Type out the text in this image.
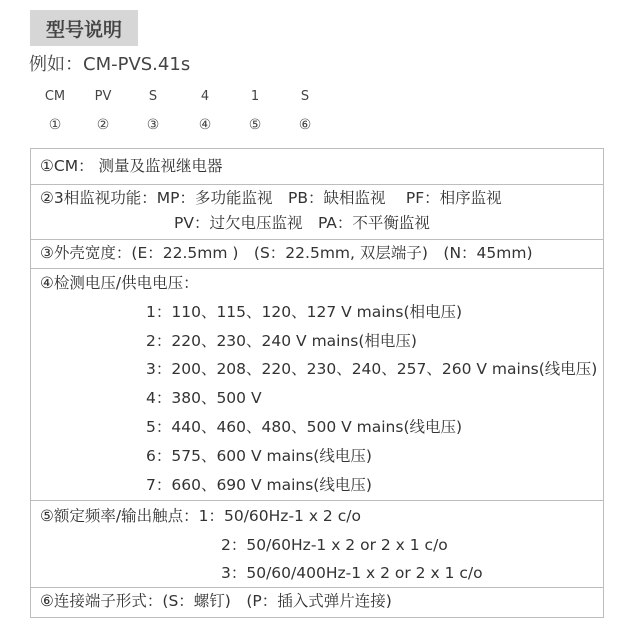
型号说明
例如：CM-PVS.41s
CM
①
PV
②
S
③
4
④
1
⑤
S
⑥
①CM： 测量及监视继电器
②3相监视功能：MP：多功能监视　PB：缺相监视　 PF：相序监视
PV：过欠电压监视　PA：不平衡监视
③外壳宽度：(E：22.5mm )　(S：22.5mm, 双层端子)　(N：45mm)
④检测电压/供电电压：
1：110、115、120、127 V mains(相电压)
2：220、230、240 V mains(相电压)
3：200、208、220、230、240、257、260 V mains(线电压)
4：380、500 V
5：440、460、480、500 V mains(线电压)
6：575、600 V mains(线电压)
7：660、690 V mains(线电压)
⑤额定频率/输出触点：1：50/60Hz-1 x 2 c/o
2：50/60Hz-1 x 2 or 2 x 1 c/o
3：50/60/400Hz-1 x 2 or 2 x 1 c/o
⑥连接端子形式：(S：螺钉)　(P：插入式弹片连接)
